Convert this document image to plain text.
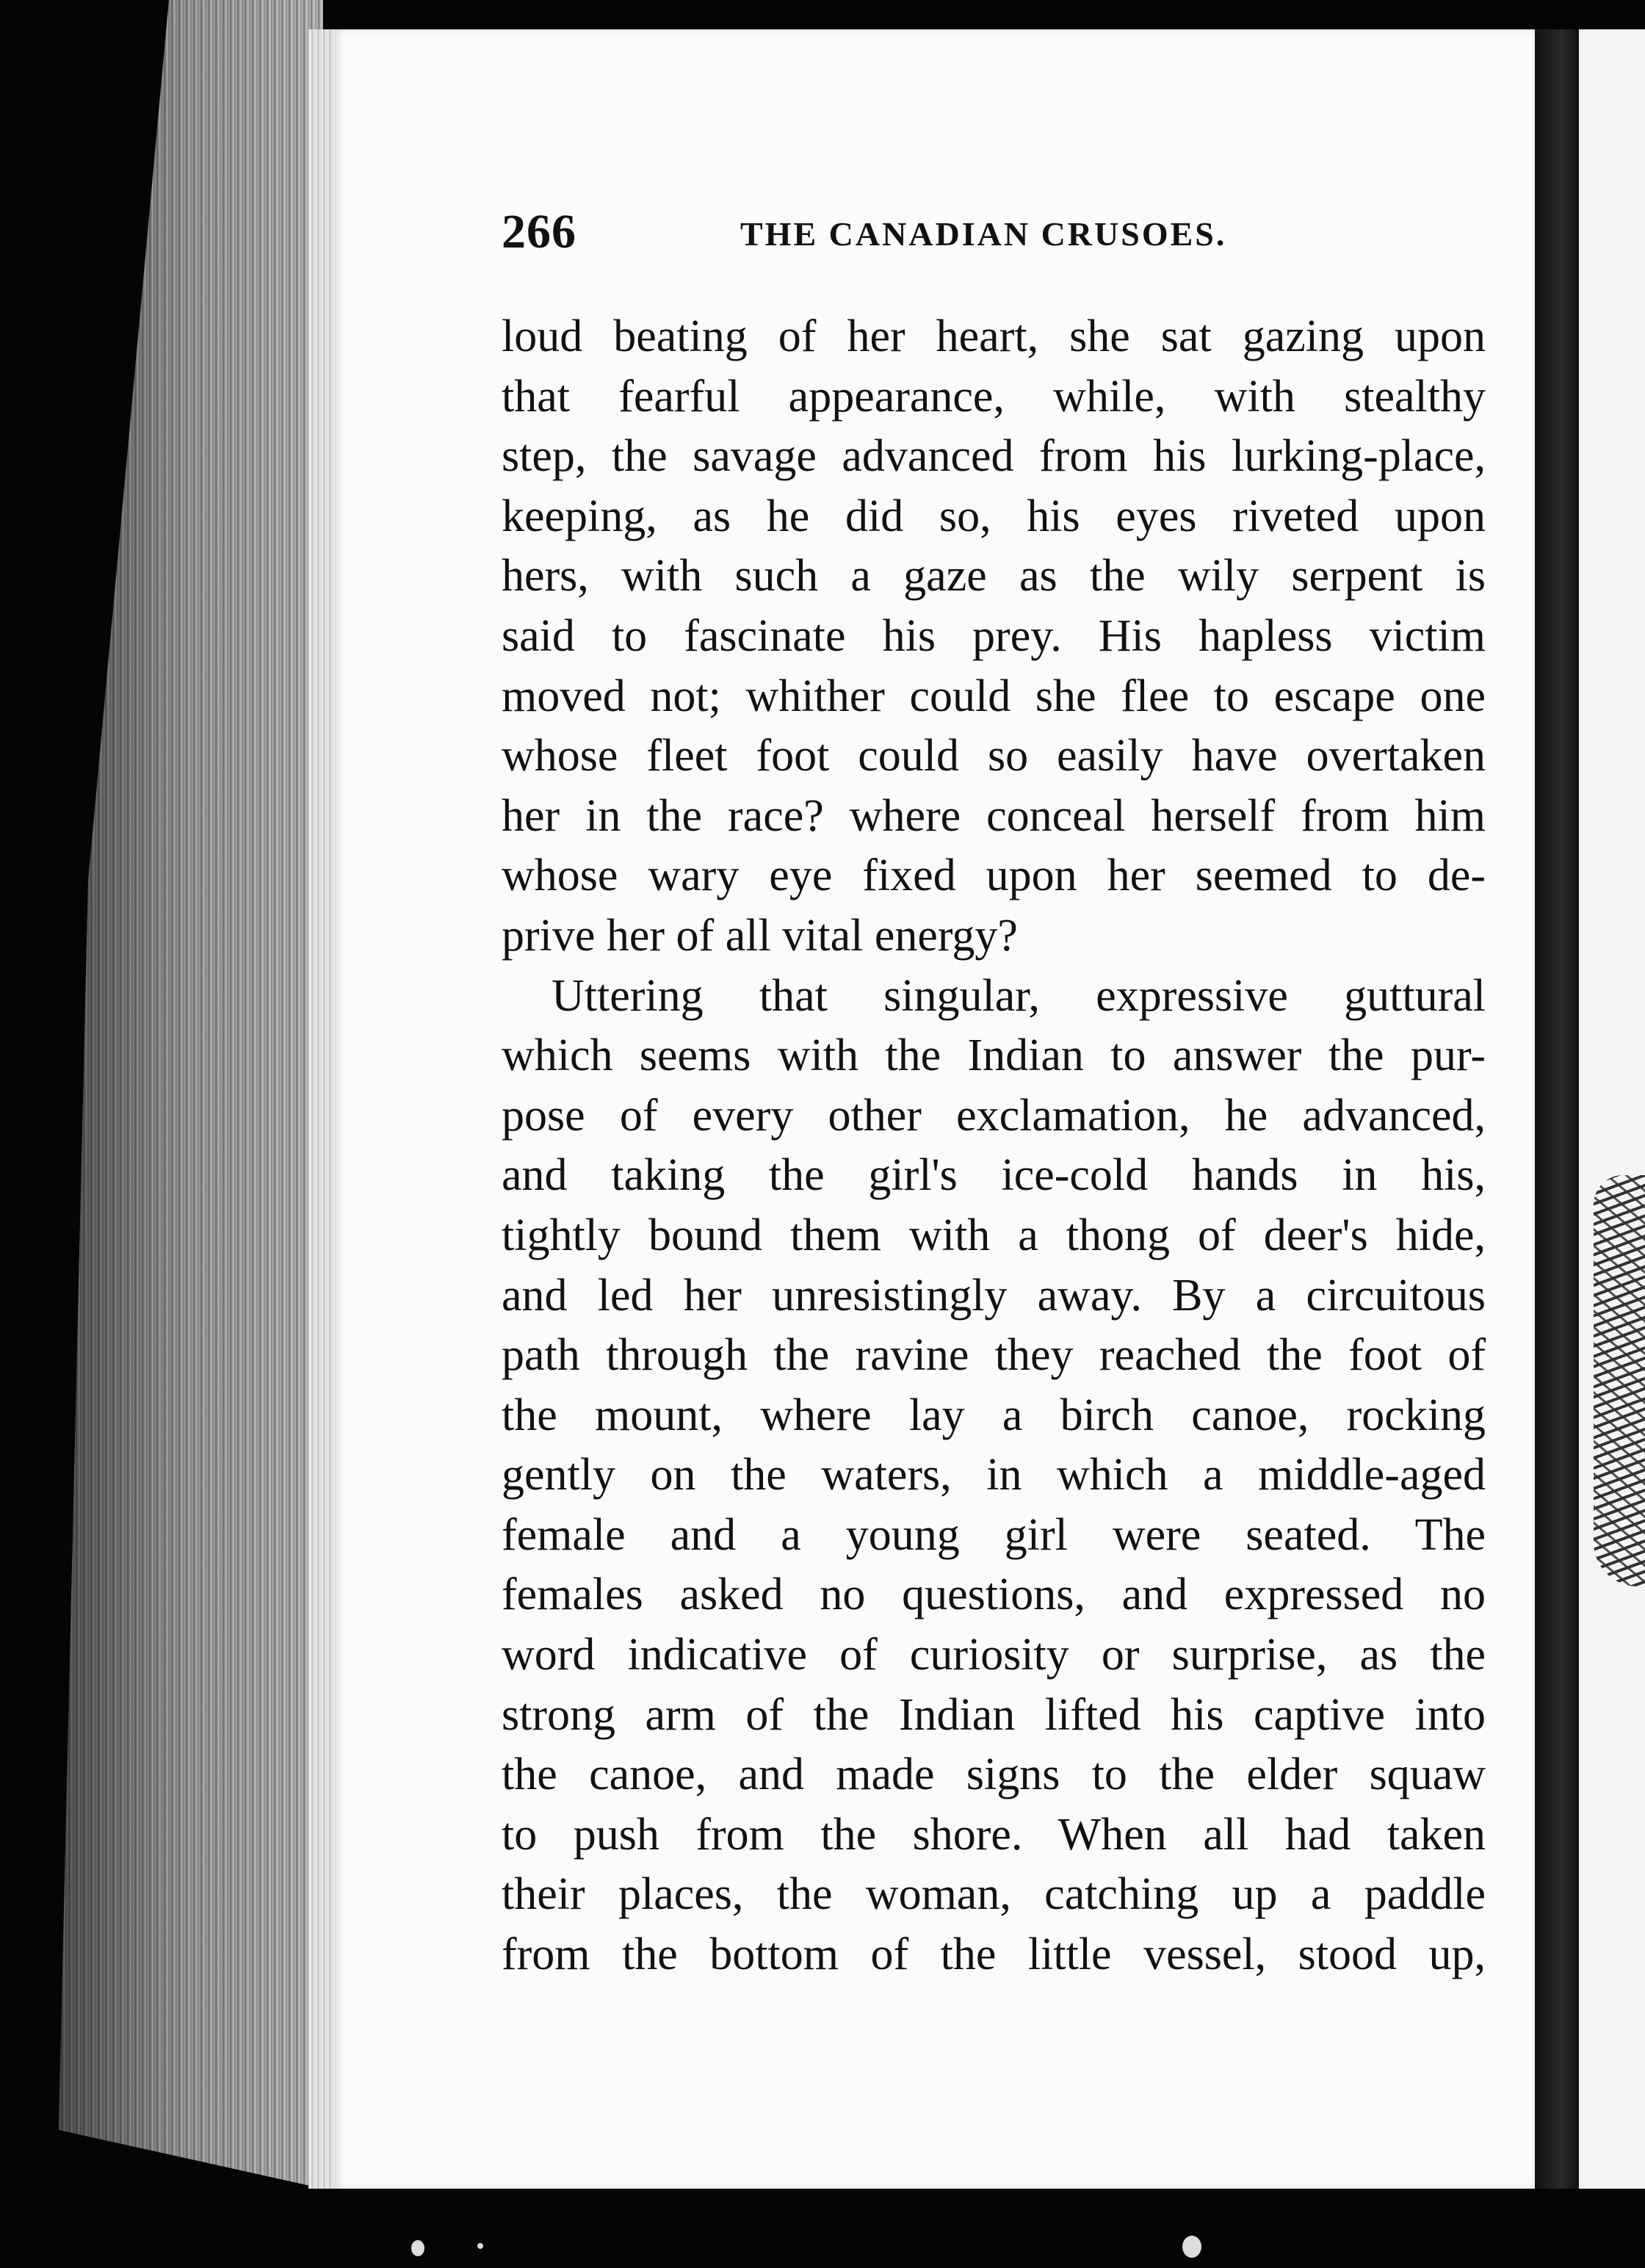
266	THE CANADIAN CRUSOES.
loud beating of her heart, she sat gazing upon
that fearful appearance, while, with stealthy
step, the savage advanced from his lurking-place,
keeping, as he did so, his eyes riveted upon
hers, with such a gaze as the wily serpent is
said to fascinate his prey. His hapless victim
moved not; whither could she flee to escape one
whose fleet foot could so easily have overtaken
her in the race? where conceal herself from him
whose wary eye fixed upon her seemed to de-
prive her of all vital energy?
Uttering that singular, expressive guttural
which seems with the Indian to answer the pur-
pose of every other exclamation, he advanced,
and taking the girl's ice-cold hands in his,
tightly bound them with a thong of deer's hide,
and led her unresistingly away. By a circuitous
path through the ravine they reached the foot of
the mount, where lay a birch canoe, rocking
gently on the waters, in which a middle-aged
female and a young girl were seated. The
females asked no questions, and expressed no
word indicative of curiosity or surprise, as the
strong arm of the Indian lifted his captive into
the canoe, and made signs to the elder squaw
to push from the shore. When all had taken
their places, the woman, catching up a paddle
from the bottom of the little vessel, stood up,
